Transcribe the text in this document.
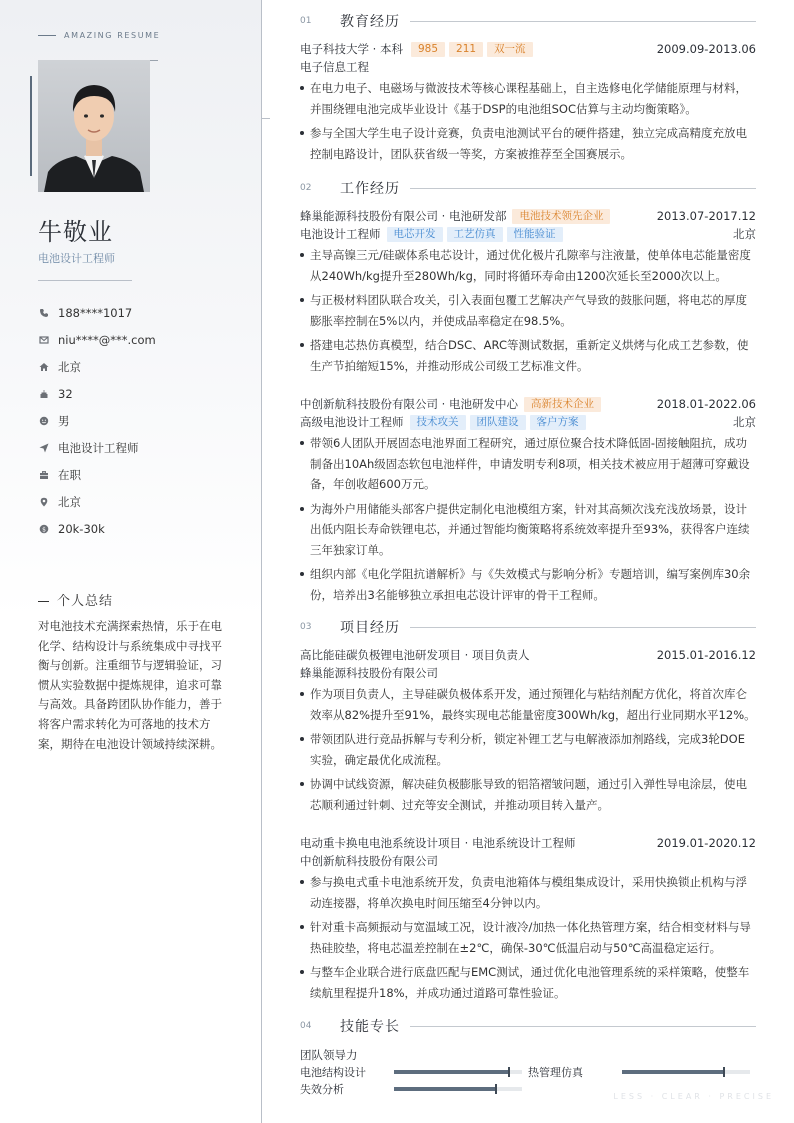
AMAZING RESUME
牛敬业
电池设计工程师
188****1017
niu****@***.com
北京
32
男
电池设计工程师
在职
北京
$ 20k-30k
个人总结
对电池技术充满探索热情，乐于在电化学、结构设计与系统集成中寻找平衡与创新。注重细节与逻辑验证，习惯从实验数据中提炼规律，追求可靠与高效。具备跨团队协作能力，善于将客户需求转化为可落地的技术方案，期待在电池设计领域持续深耕。
01	教育经历
电子科技大学 · 本科	985	211	双一流	2009.09-2013.06
电子信息工程
在电力电子、电磁场与微波技术等核心课程基础上，自主选修电化学储能原理与材料，并围绕锂电池完成毕业设计《基于DSP的电池组SOC估算与主动均衡策略》。
参与全国大学生电子设计竞赛，负责电池测试平台的硬件搭建，独立完成高精度充放电控制电路设计，团队获省级一等奖，方案被推荐至全国赛展示。
02	工作经历
蜂巢能源科技股份有限公司 · 电池研发部	电池技术领先企业	2013.07-2017.12
电池设计工程师	电芯开发	工艺仿真	性能验证	北京
主导高镍三元/硅碳体系电芯设计，通过优化极片孔隙率与注液量，使单体电芯能量密度从240Wh/kg提升至280Wh/kg，同时将循环寿命由1200次延长至2000次以上。
与正极材料团队联合攻关，引入表面包覆工艺解决产气导致的鼓胀问题，将电芯的厚度膨胀率控制在5%以内，并使成品率稳定在98.5%。
搭建电芯热仿真模型，结合DSC、ARC等测试数据，重新定义烘烤与化成工艺参数，使生产节拍缩短15%，并推动形成公司级工艺标准文件。
中创新航科技股份有限公司 · 电池研发中心	高新技术企业	2018.01-2022.06
高级电池设计工程师	技术攻关	团队建设	客户方案	北京
带领6人团队开展固态电池界面工程研究，通过原位聚合技术降低固-固接触阻抗，成功制备出10Ah级固态软包电池样件，申请发明专利8项，相关技术被应用于超薄可穿戴设备，年创收超600万元。
为海外户用储能头部客户提供定制化电池模组方案，针对其高频次浅充浅放场景，设计出低内阻长寿命铁锂电芯，并通过智能均衡策略将系统效率提升至93%，获得客户连续三年独家订单。
组织内部《电化学阻抗谱解析》与《失效模式与影响分析》专题培训，编写案例库30余份，培养出3名能够独立承担电芯设计评审的骨干工程师。
03	项目经历
高比能硅碳负极锂电池研发项目 · 项目负责人	2015.01-2016.12
蜂巢能源科技股份有限公司
作为项目负责人，主导硅碳负极体系开发，通过预锂化与粘结剂配方优化，将首次库仑效率从82%提升至91%，最终实现电芯能量密度300Wh/kg，超出行业同期水平12%。
带领团队进行竞品拆解与专利分析，锁定补锂工艺与电解液添加剂路线，完成3轮DOE实验，确定最优化成流程。
协调中试线资源，解决硅负极膨胀导致的铝箔褶皱问题，通过引入弹性导电涂层，使电芯顺利通过针刺、过充等安全测试，并推动项目转入量产。
电动重卡换电电池系统设计项目 · 电池系统设计工程师	2019.01-2020.12
中创新航科技股份有限公司
参与换电式重卡电池系统开发，负责电池箱体与模组集成设计，采用快换锁止机构与浮动连接器，将单次换电时间压缩至4分钟以内。
针对重卡高频振动与宽温域工况，设计液冷/加热一体化热管理方案，结合相变材料与导热硅胶垫，将电芯温差控制在±2℃，确保-30℃低温启动与50℃高温稳定运行。
与整车企业联合进行底盘匹配与EMC测试，通过优化电池管理系统的采样策略，使整车续航里程提升18%，并成功通过道路可靠性验证。
04	技能专长
团队领导力
电池结构设计	热管理仿真
失效分析
LESS · CLEAR · PRECISE
